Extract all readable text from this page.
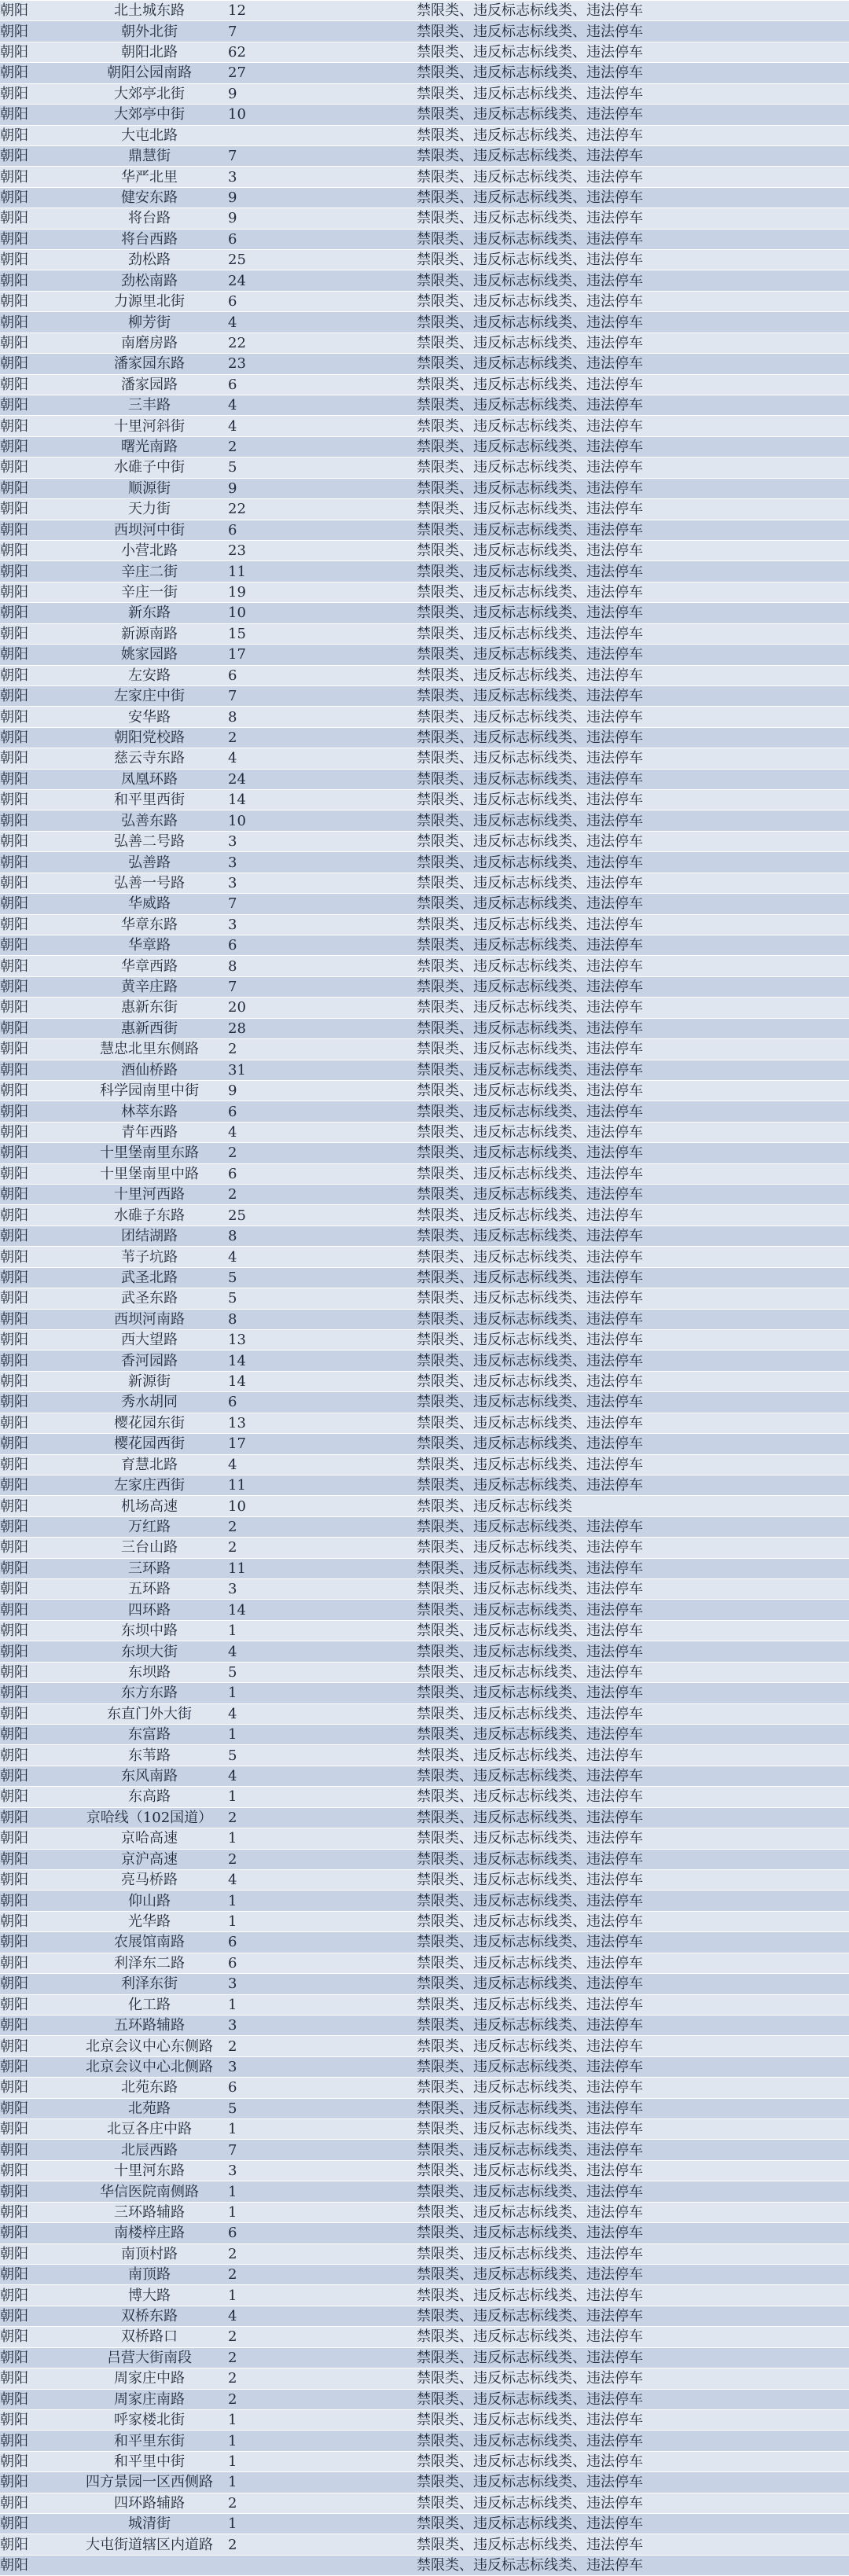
朝阳	北土城东路	12		禁限类、违反标志标线类、违法停车
朝阳	朝外北街	7		禁限类、违反标志标线类、违法停车
朝阳	朝阳北路	62		禁限类、违反标志标线类、违法停车
朝阳	朝阳公园南路	27		禁限类、违反标志标线类、违法停车
朝阳	大郊亭北街	9		禁限类、违反标志标线类、违法停车
朝阳	大郊亭中街	10		禁限类、违反标志标线类、违法停车
朝阳	大屯北路			禁限类、违反标志标线类、违法停车
朝阳	鼎慧街	7		禁限类、违反标志标线类、违法停车
朝阳	华严北里	3		禁限类、违反标志标线类、违法停车
朝阳	健安东路	9		禁限类、违反标志标线类、违法停车
朝阳	将台路	9		禁限类、违反标志标线类、违法停车
朝阳	将台西路	6		禁限类、违反标志标线类、违法停车
朝阳	劲松路	25		禁限类、违反标志标线类、违法停车
朝阳	劲松南路	24		禁限类、违反标志标线类、违法停车
朝阳	力源里北街	6		禁限类、违反标志标线类、违法停车
朝阳	柳芳街	4		禁限类、违反标志标线类、违法停车
朝阳	南磨房路	22		禁限类、违反标志标线类、违法停车
朝阳	潘家园东路	23		禁限类、违反标志标线类、违法停车
朝阳	潘家园路	6		禁限类、违反标志标线类、违法停车
朝阳	三丰路	4		禁限类、违反标志标线类、违法停车
朝阳	十里河斜街	4		禁限类、违反标志标线类、违法停车
朝阳	曙光南路	2		禁限类、违反标志标线类、违法停车
朝阳	水碓子中街	5		禁限类、违反标志标线类、违法停车
朝阳	顺源街	9		禁限类、违反标志标线类、违法停车
朝阳	天力街	22		禁限类、违反标志标线类、违法停车
朝阳	西坝河中街	6		禁限类、违反标志标线类、违法停车
朝阳	小营北路	23		禁限类、违反标志标线类、违法停车
朝阳	辛庄二街	11		禁限类、违反标志标线类、违法停车
朝阳	辛庄一街	19		禁限类、违反标志标线类、违法停车
朝阳	新东路	10		禁限类、违反标志标线类、违法停车
朝阳	新源南路	15		禁限类、违反标志标线类、违法停车
朝阳	姚家园路	17		禁限类、违反标志标线类、违法停车
朝阳	左安路	6		禁限类、违反标志标线类、违法停车
朝阳	左家庄中街	7		禁限类、违反标志标线类、违法停车
朝阳	安华路	8		禁限类、违反标志标线类、违法停车
朝阳	朝阳党校路	2		禁限类、违反标志标线类、违法停车
朝阳	慈云寺东路	4		禁限类、违反标志标线类、违法停车
朝阳	凤凰环路	24		禁限类、违反标志标线类、违法停车
朝阳	和平里西街	14		禁限类、违反标志标线类、违法停车
朝阳	弘善东路	10		禁限类、违反标志标线类、违法停车
朝阳	弘善二号路	3		禁限类、违反标志标线类、违法停车
朝阳	弘善路	3		禁限类、违反标志标线类、违法停车
朝阳	弘善一号路	3		禁限类、违反标志标线类、违法停车
朝阳	华威路	7		禁限类、违反标志标线类、违法停车
朝阳	华章东路	3		禁限类、违反标志标线类、违法停车
朝阳	华章路	6		禁限类、违反标志标线类、违法停车
朝阳	华章西路	8		禁限类、违反标志标线类、违法停车
朝阳	黄辛庄路	7		禁限类、违反标志标线类、违法停车
朝阳	惠新东街	20		禁限类、违反标志标线类、违法停车
朝阳	惠新西街	28		禁限类、违反标志标线类、违法停车
朝阳	慧忠北里东侧路	2		禁限类、违反标志标线类、违法停车
朝阳	酒仙桥路	31		禁限类、违反标志标线类、违法停车
朝阳	科学园南里中街	9		禁限类、违反标志标线类、违法停车
朝阳	林萃东路	6		禁限类、违反标志标线类、违法停车
朝阳	青年西路	4		禁限类、违反标志标线类、违法停车
朝阳	十里堡南里东路	2		禁限类、违反标志标线类、违法停车
朝阳	十里堡南里中路	6		禁限类、违反标志标线类、违法停车
朝阳	十里河西路	2		禁限类、违反标志标线类、违法停车
朝阳	水碓子东路	25		禁限类、违反标志标线类、违法停车
朝阳	团结湖路	8		禁限类、违反标志标线类、违法停车
朝阳	苇子坑路	4		禁限类、违反标志标线类、违法停车
朝阳	武圣北路	5		禁限类、违反标志标线类、违法停车
朝阳	武圣东路	5		禁限类、违反标志标线类、违法停车
朝阳	西坝河南路	8		禁限类、违反标志标线类、违法停车
朝阳	西大望路	13		禁限类、违反标志标线类、违法停车
朝阳	香河园路	14		禁限类、违反标志标线类、违法停车
朝阳	新源街	14		禁限类、违反标志标线类、违法停车
朝阳	秀水胡同	6		禁限类、违反标志标线类、违法停车
朝阳	樱花园东街	13		禁限类、违反标志标线类、违法停车
朝阳	樱花园西街	17		禁限类、违反标志标线类、违法停车
朝阳	育慧北路	4		禁限类、违反标志标线类、违法停车
朝阳	左家庄西街	11		禁限类、违反标志标线类、违法停车
朝阳	机场高速	10		禁限类、违反标志标线类
朝阳	万红路	2		禁限类、违反标志标线类、违法停车
朝阳	三台山路	2		禁限类、违反标志标线类、违法停车
朝阳	三环路	11		禁限类、违反标志标线类、违法停车
朝阳	五环路	3		禁限类、违反标志标线类、违法停车
朝阳	四环路	14		禁限类、违反标志标线类、违法停车
朝阳	东坝中路	1		禁限类、违反标志标线类、违法停车
朝阳	东坝大街	4		禁限类、违反标志标线类、违法停车
朝阳	东坝路	5		禁限类、违反标志标线类、违法停车
朝阳	东方东路	1		禁限类、违反标志标线类、违法停车
朝阳	东直门外大街	4		禁限类、违反标志标线类、违法停车
朝阳	东富路	1		禁限类、违反标志标线类、违法停车
朝阳	东苇路	5		禁限类、违反标志标线类、违法停车
朝阳	东风南路	4		禁限类、违反标志标线类、违法停车
朝阳	东高路	1		禁限类、违反标志标线类、违法停车
朝阳	京哈线（102国道）	2		禁限类、违反标志标线类、违法停车
朝阳	京哈高速	1		禁限类、违反标志标线类、违法停车
朝阳	京沪高速	2		禁限类、违反标志标线类、违法停车
朝阳	亮马桥路	4		禁限类、违反标志标线类、违法停车
朝阳	仰山路	1		禁限类、违反标志标线类、违法停车
朝阳	光华路	1		禁限类、违反标志标线类、违法停车
朝阳	农展馆南路	6		禁限类、违反标志标线类、违法停车
朝阳	利泽东二路	6		禁限类、违反标志标线类、违法停车
朝阳	利泽东街	3		禁限类、违反标志标线类、违法停车
朝阳	化工路	1		禁限类、违反标志标线类、违法停车
朝阳	五环路辅路	3		禁限类、违反标志标线类、违法停车
朝阳	北京会议中心东侧路	2		禁限类、违反标志标线类、违法停车
朝阳	北京会议中心北侧路	3		禁限类、违反标志标线类、违法停车
朝阳	北苑东路	6		禁限类、违反标志标线类、违法停车
朝阳	北苑路	5		禁限类、违反标志标线类、违法停车
朝阳	北豆各庄中路	1		禁限类、违反标志标线类、违法停车
朝阳	北辰西路	7		禁限类、违反标志标线类、违法停车
朝阳	十里河东路	3		禁限类、违反标志标线类、违法停车
朝阳	华信医院南侧路	1		禁限类、违反标志标线类、违法停车
朝阳	三环路辅路	1		禁限类、违反标志标线类、违法停车
朝阳	南楼梓庄路	6		禁限类、违反标志标线类、违法停车
朝阳	南顶村路	2		禁限类、违反标志标线类、违法停车
朝阳	南顶路	2		禁限类、违反标志标线类、违法停车
朝阳	博大路	1		禁限类、违反标志标线类、违法停车
朝阳	双桥东路	4		禁限类、违反标志标线类、违法停车
朝阳	双桥路口	2		禁限类、违反标志标线类、违法停车
朝阳	吕营大街南段	2		禁限类、违反标志标线类、违法停车
朝阳	周家庄中路	2		禁限类、违反标志标线类、违法停车
朝阳	周家庄南路	2		禁限类、违反标志标线类、违法停车
朝阳	呼家楼北街	1		禁限类、违反标志标线类、违法停车
朝阳	和平里东街	1		禁限类、违反标志标线类、违法停车
朝阳	和平里中街	1		禁限类、违反标志标线类、违法停车
朝阳	四方景园一区西侧路	1		禁限类、违反标志标线类、违法停车
朝阳	四环路辅路	2		禁限类、违反标志标线类、违法停车
朝阳	城清街	1		禁限类、违反标志标线类、违法停车
朝阳	大屯街道辖区内道路	2		禁限类、违反标志标线类、违法停车
朝阳				禁限类、违反标志标线类、违法停车
